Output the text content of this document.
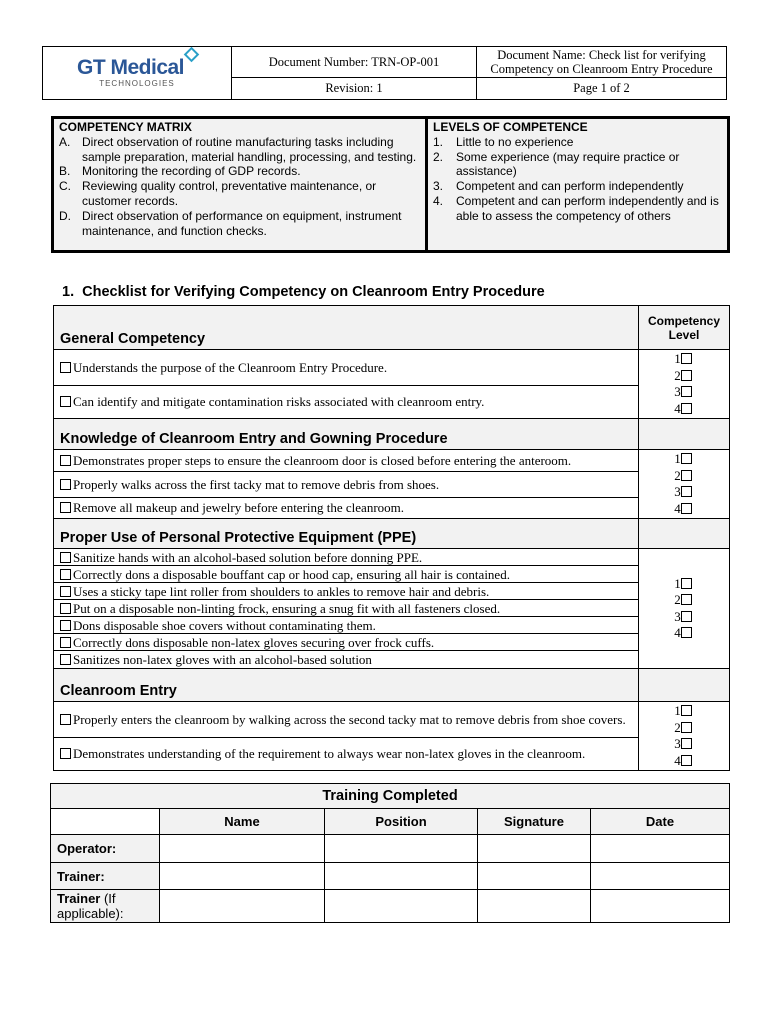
GT Medical
TECHNOLOGIES	Document Number: TRN-OP-001	Document Name: Check list for verifying Competency on Cleanroom Entry Procedure
	Revision: 1	Page 1 of 2
COMPETENCY MATRIX
A. Direct observation of routine manufacturing tasks including sample preparation, material handling, processing, and testing.
B. Monitoring the recording of GDP records.
C. Reviewing quality control, preventative maintenance, or customer records.
D. Direct observation of performance on equipment, instrument maintenance, and function checks.
LEVELS OF COMPETENCE
1.	Little to no experience
2.	Some experience (may require practice or assistance)
3.	Competent and can perform independently
4.	Competent and can perform independently and is able to assess the competency of others
1. Checklist for Verifying Competency on Cleanroom Entry Procedure
General Competency	Competency Level
Understands the purpose of the Cleanroom Entry Procedure.	1
2
3
4

Can identify and mitigate contamination risks associated with cleanroom entry.	
Knowledge of Cleanroom Entry and Gowning Procedure	
Demonstrates proper steps to ensure the cleanroom door is closed before entering the anteroom.	1
2
3
4

Properly walks across the first tacky mat to remove debris from shoes.	
Remove all makeup and jewelry before entering the cleanroom.	
Proper Use of Personal Protective Equipment (PPE)	
Sanitize hands with an alcohol-based solution before donning PPE.	1
2
3
4

Correctly dons a disposable bouffant cap or hood cap, ensuring all hair is contained.	
Uses a sticky tape lint roller from shoulders to ankles to remove hair and debris.	
Put on a disposable non-linting frock, ensuring a snug fit with all fasteners closed.	
Dons disposable shoe covers without contaminating them.	
Correctly dons disposable non-latex gloves securing over frock cuffs.	
Sanitizes non-latex gloves with an alcohol-based solution	
Cleanroom Entry	
Properly enters the cleanroom by walking across the second tacky mat to remove debris from shoe covers.	1
2
3
4

Demonstrates understanding of the requirement to always wear non-latex gloves in the cleanroom.	
Training Completed				
	Name	Position	Signature	Date
Operator:				
Trainer:				
Trainer (If applicable):				
